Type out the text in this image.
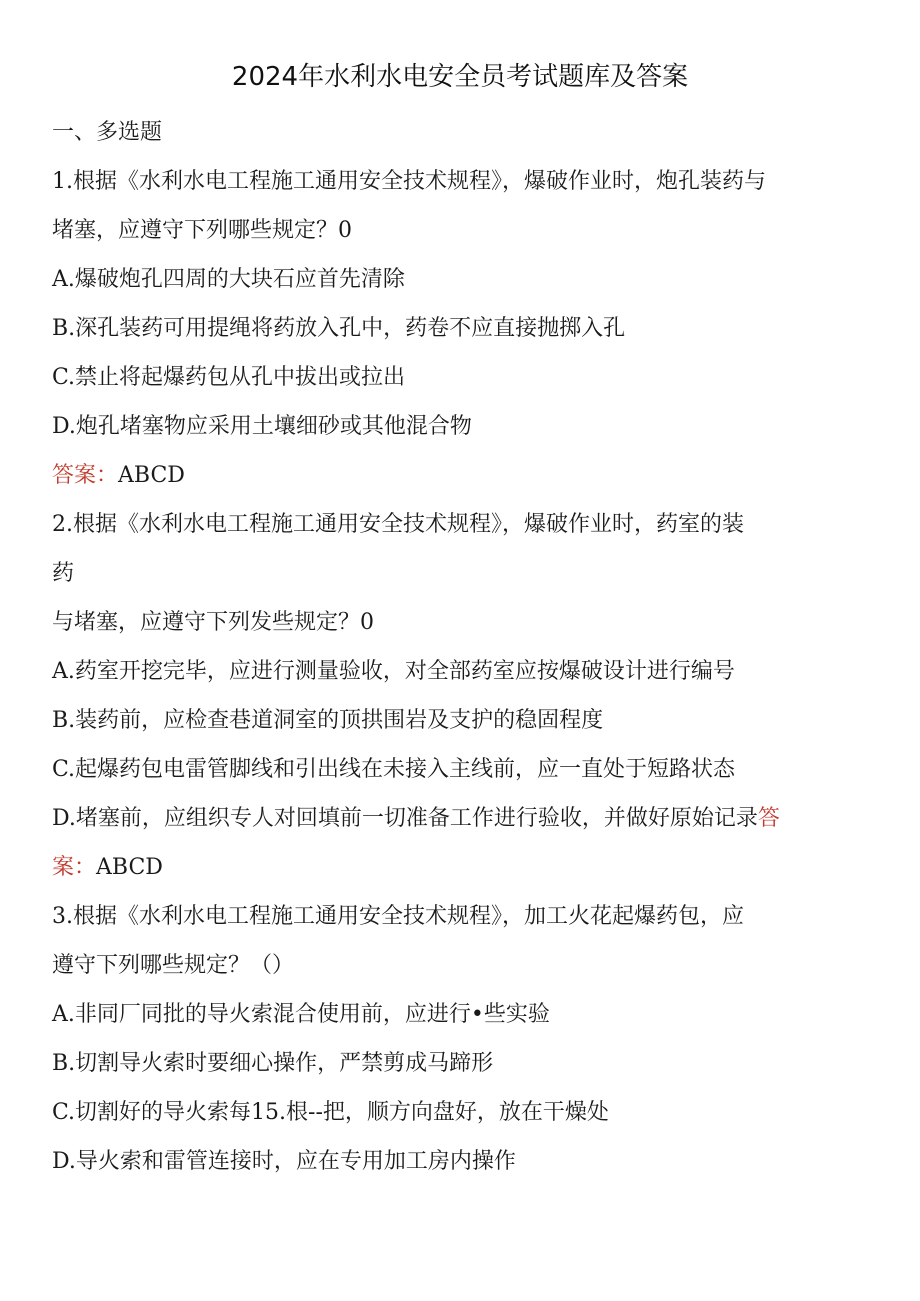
2024年水利水电安全员考试题库及答案

一、多选题

1.根据《水利水电工程施工通用安全技术规程》，爆破作业时，炮孔装药与

堵塞，应遵守下列哪些规定？0

A.爆破炮孔四周的大块石应首先清除

B.深孔装药可用提绳将药放入孔中，药卷不应直接抛掷入孔

C.禁止将起爆药包从孔中拔出或拉出

D.炮孔堵塞物应采用土壤细砂或其他混合物

答案：ABCD

2.根据《水利水电工程施工通用安全技术规程》，爆破作业时，药室的装

药

与堵塞，应遵守下列发些规定？0

A.药室开挖完毕，应进行测量验收，对全部药室应按爆破设计进行编号

B.装药前，应检查巷道洞室的顶拱围岩及支护的稳固程度

C.起爆药包电雷管脚线和引出线在未接入主线前，应一直处于短路状态

D.堵塞前，应组织专人对回填前一切准备工作进行验收，并做好原始记录答

案：ABCD

3.根据《水利水电工程施工通用安全技术规程》，加工火花起爆药包，应

遵守下列哪些规定？（）

A.非同厂同批的导火索混合使用前，应进行•些实验

B.切割导火索时要细心操作，严禁剪成马蹄形

C.切割好的导火索每15.根--把，顺方向盘好，放在干燥处

D.导火索和雷管连接时，应在专用加工房内操作
